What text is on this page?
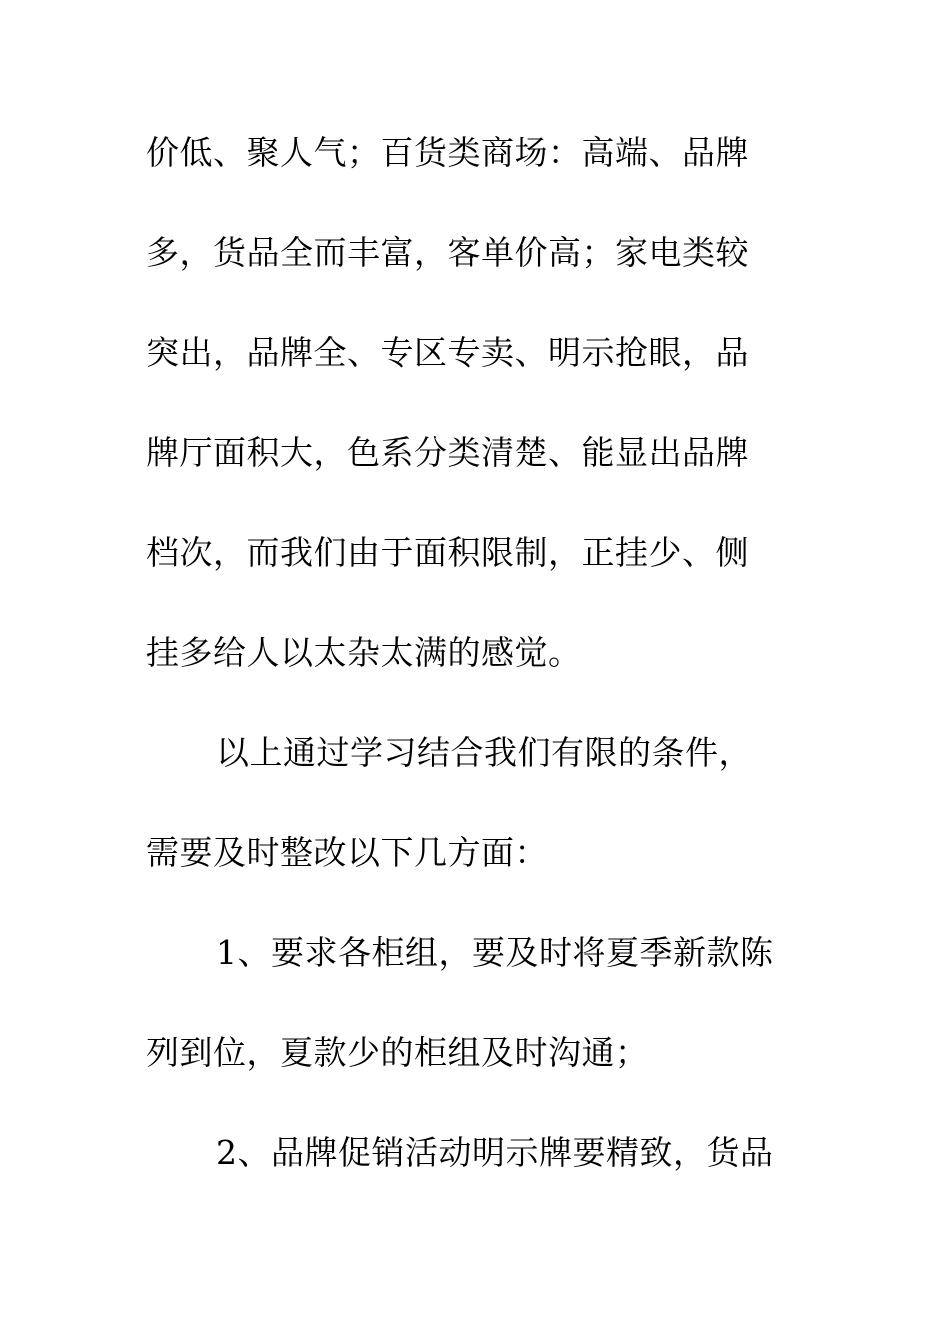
价低、聚人气；百货类商场：高端、品牌
多，货品全而丰富，客单价高；家电类较
突出，品牌全、专区专卖、明示抢眼，品
牌厅面积大，色系分类清楚、能显出品牌
档次，而我们由于面积限制，正挂少、侧
挂多给人以太杂太满的感觉。
以上通过学习结合我们有限的条件，
需要及时整改以下几方面：
1、要求各柜组，要及时将夏季新款陈
列到位，夏款少的柜组及时沟通；
2、品牌促销活动明示牌要精致，货品
